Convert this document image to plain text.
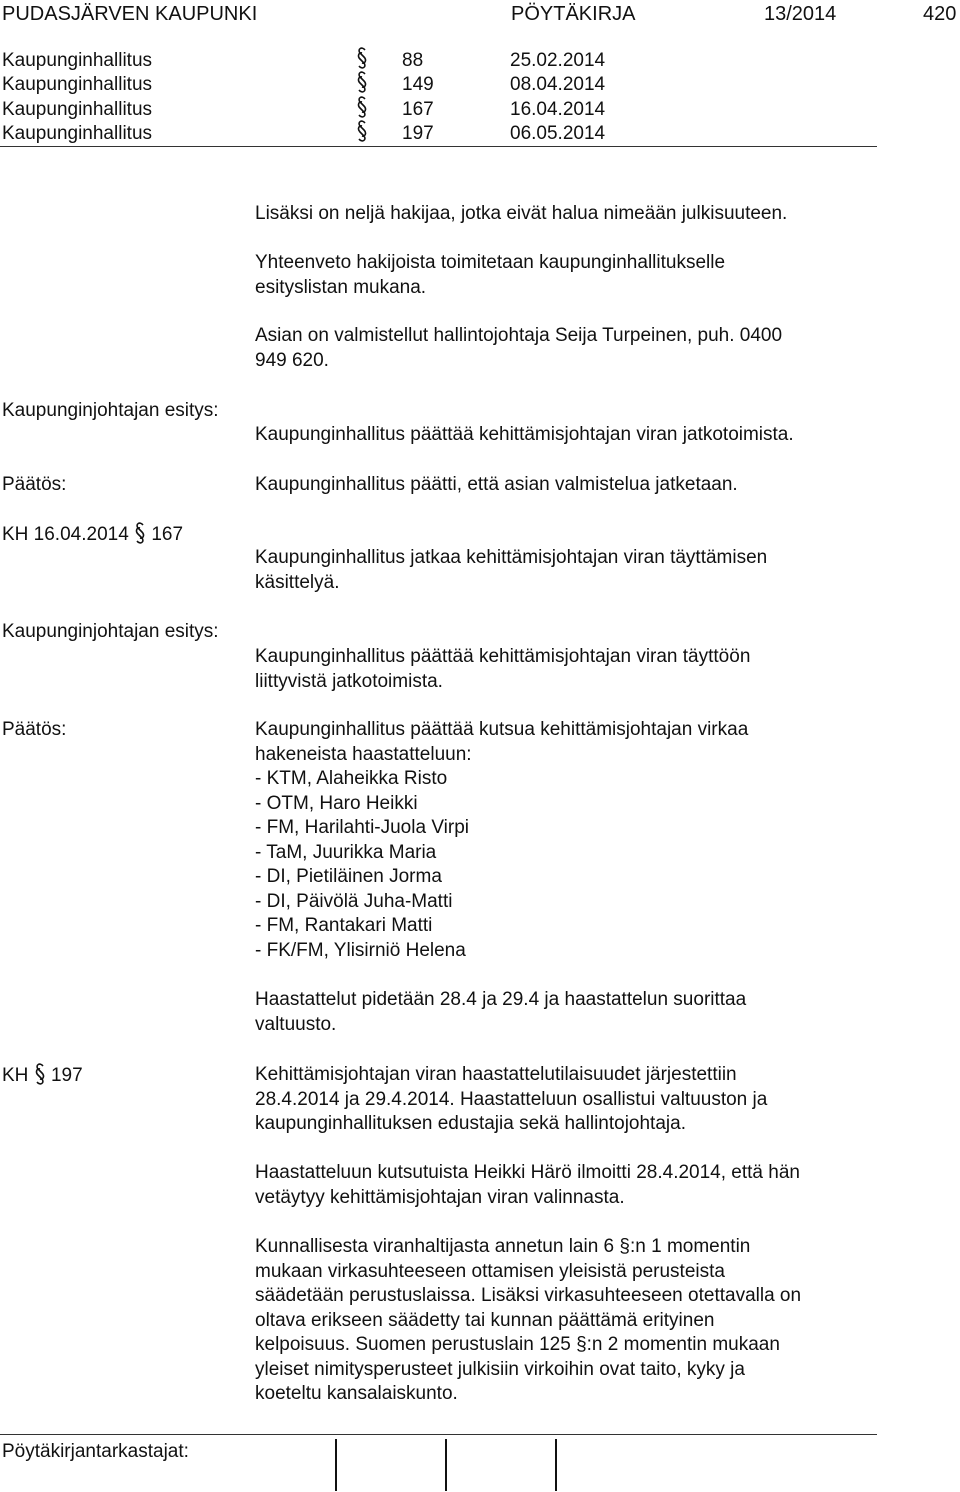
PUDASJÄRVEN KAUPUNKI	PÖYTÄKIRJA	13/2014	420
Kaupunginhallitus	88	25.02.2014
Kaupunginhallitus	149	08.04.2014
Kaupunginhallitus	167	16.04.2014
Kaupunginhallitus	197	06.05.2014
Lisäksi on neljä hakijaa, jotka eivät halua nimeään julkisuuteen.
Yhteenveto hakijoista toimitetaan kaupunginhallitukselle
esityslistan mukana.
Asian on valmistellut hallintojohtaja Seija Turpeinen, puh. 0400
949 620.
Kaupunginjohtajan esitys:
Kaupunginhallitus päättää kehittämisjohtajan viran jatkotoimista.
Päätös:	Kaupunginhallitus päätti, että asian valmistelua jatketaan.
KH 16.04.2014 167
Kaupunginhallitus jatkaa kehittämisjohtajan viran täyttämisen
käsittelyä.
Kaupunginjohtajan esitys:
Kaupunginhallitus päättää kehittämisjohtajan viran täyttöön
liittyvistä jatkotoimista.
Päätös:	Kaupunginhallitus päättää kutsua kehittämisjohtajan virkaa
hakeneista haastatteluun:
- KTM, Alaheikka Risto
- OTM, Haro Heikki
- FM, Harilahti-Juola Virpi
- TaM, Juurikka Maria
- DI, Pietiläinen Jorma
- DI, Päivölä Juha-Matti
- FM, Rantakari Matti
- FK/FM, Ylisirniö Helena
Haastattelut pidetään 28.4 ja 29.4 ja haastattelun suorittaa
valtuusto.
KH 197	Kehittämisjohtajan viran haastattelutilaisuudet järjestettiin
28.4.2014 ja 29.4.2014. Haastatteluun osallistui valtuuston ja
kaupunginhallituksen edustajia sekä hallintojohtaja.
Haastatteluun kutsutuista Heikki Härö ilmoitti 28.4.2014, että hän
vetäytyy kehittämisjohtajan viran valinnasta.
Kunnallisesta viranhaltijasta annetun lain 6 §:n 1 momentin
mukaan virkasuhteeseen ottamisen yleisistä perusteista
säädetään perustuslaissa. Lisäksi virkasuhteeseen otettavalla on
oltava erikseen säädetty tai kunnan päättämä erityinen
kelpoisuus. Suomen perustuslain 125 §:n 2 momentin mukaan
yleiset nimitysperusteet julkisiin virkoihin ovat taito, kyky ja
koeteltu kansalaiskunto.
Pöytäkirjantarkastajat:
